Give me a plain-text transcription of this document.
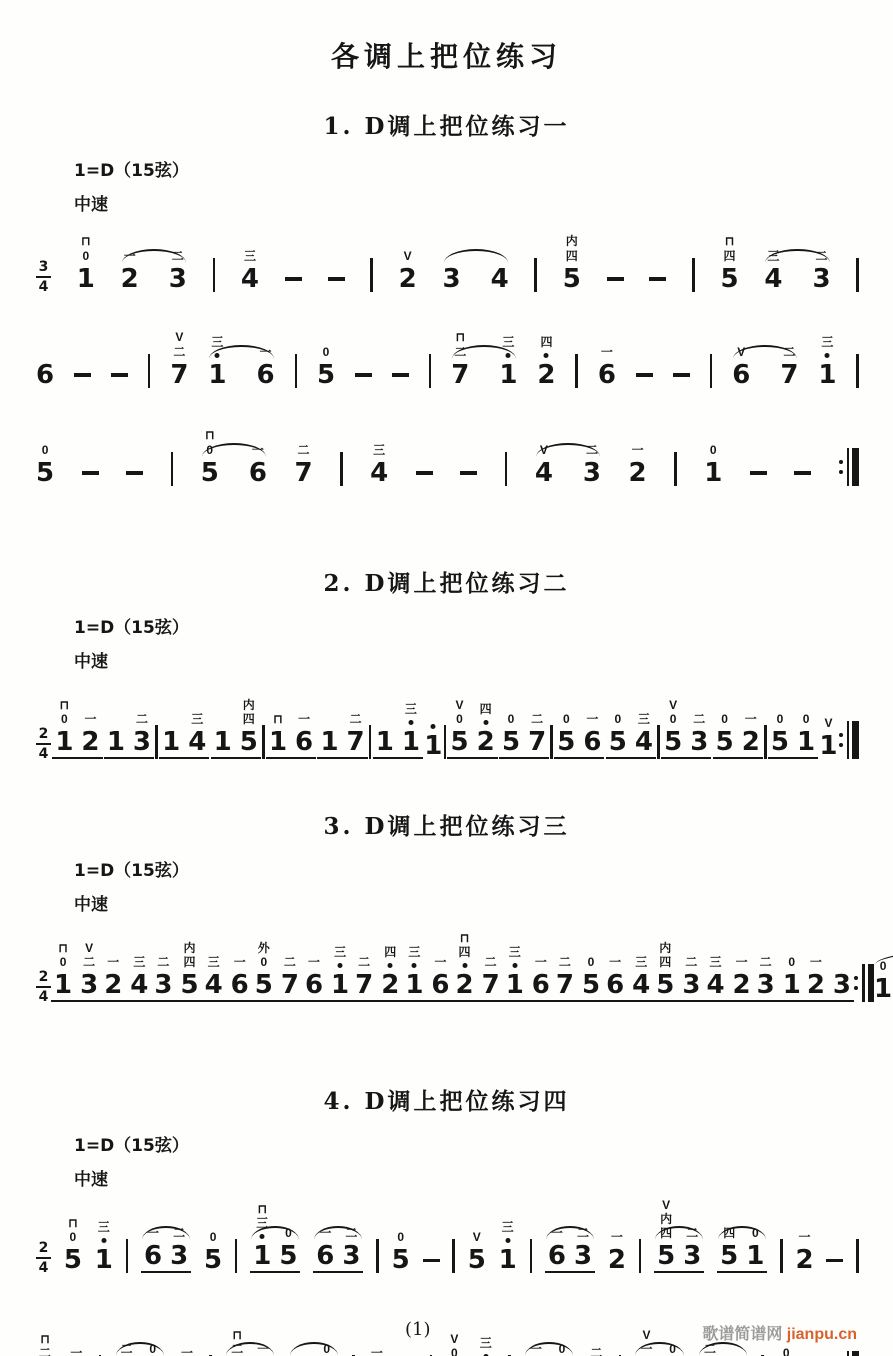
各调上把位练习
1. D调上把位练习一
1=D（15弦）
中速
$\frac{3}{4}$
⊓
0
1
一
2
二
3
三
4
V
2 3 4
内
四
5
⊓
四
5
三
4
二
3
6
V
二
7
三
1
一
6
0
5
⊓
二
7
三
1
四
2
一
6
V
6
二
7
三
1
0
5
⊓
0
5
一
6
二
7
三
4
V
4
二
3
一
2
0
1
2. D调上把位练习二
1=D（15弦）
中速
$\frac{2}{4}$
⊓
0
1
一
2 1
二
3 1
三
4 1
内
四
5
⊓
1
一
6 1
二
7 1
三
1 1
V
0
5
四
2
0
5
二
7
0
5
一
6
0
5
三
4
V
0
5
二
3
0
5
一
2
0
5
0
1
V
1
3. D调上把位练习三
1=D（15弦）
中速
$\frac{2}{4}$
⊓
0
1
V
二
3
一
2
三
4
二
3
内
四
5
三
4
一
6
外
0
5
二
7
一
6
三
1
二
7
四
2
三
1
一
6
⊓
四
2
二
7
三
1
一
6
二
7
0
5
一
6
三
4
内
四
5
二
3
三
4
一
2
二
3
0
1
一
2 3
0
1
4. D调上把位练习四
1=D（15弦）
中速
$\frac{2}{4}$
⊓
0
5
三
1
一
6
二
3
0
5
⊓
三
1
0
5
一
6
二
3
0
5
V
5
三
1
一
6
二
3
一
2
V
内
四
5
二
3
四
5
0
1
一
2
⊓
二 一	二 0 一
⊓
二 一	0	一
V
0
三	一 0 二
V
一 0 二	0
(1)	歌谱简谱网 jianpu.cn
